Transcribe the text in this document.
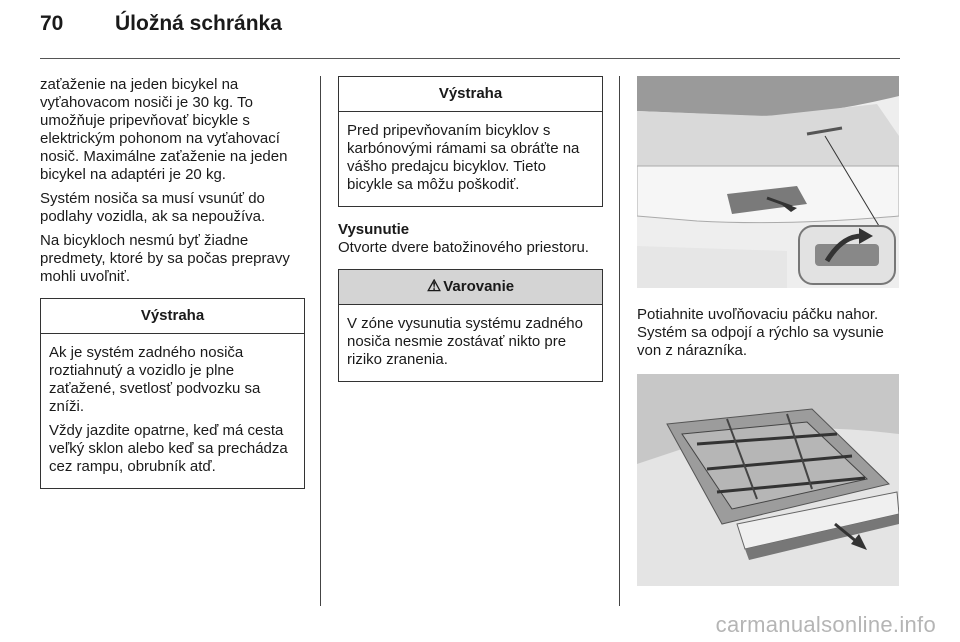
70 Úložná schránka

zaťaženie na jeden bicykel na vyťahovacom nosiči je 30 kg. To umožňuje pripevňovať bicykle s elektrickým pohonom na vyťahovací nosič. Maximálne zaťaženie na jeden bicykel na adaptéri je 20 kg.

Systém nosiča sa musí vsunúť do podlahy vozidla, ak sa nepoužíva.

Na bicykloch nesmú byť žiadne predmety, ktoré by sa počas prepravy mohli uvoľniť.

Výstraha

Ak je systém zadného nosiča roztiahnutý a vozidlo je plne zaťažené, svetlosť podvozku sa zníži.

Vždy jazdite opatrne, keď má cesta veľký sklon alebo keď sa prechádza cez rampu, obrubník atď.

Výstraha

Pred pripevňovaním bicyklov s karbónovými rámami sa obráťte na vášho predajcu bicyklov. Tieto bicykle sa môžu poškodiť.

Vysunutie

Otvorte dvere batožinového priestoru.

⚠ Varovanie

V zóne vysunutia systému zadného nosiča nesmie zostávať nikto pre riziko zranenia.

Potiahnite uvoľňovaciu páčku nahor. Systém sa odpojí a rýchlo sa vysunie von z nárazníka.

carmanualsonline.info
